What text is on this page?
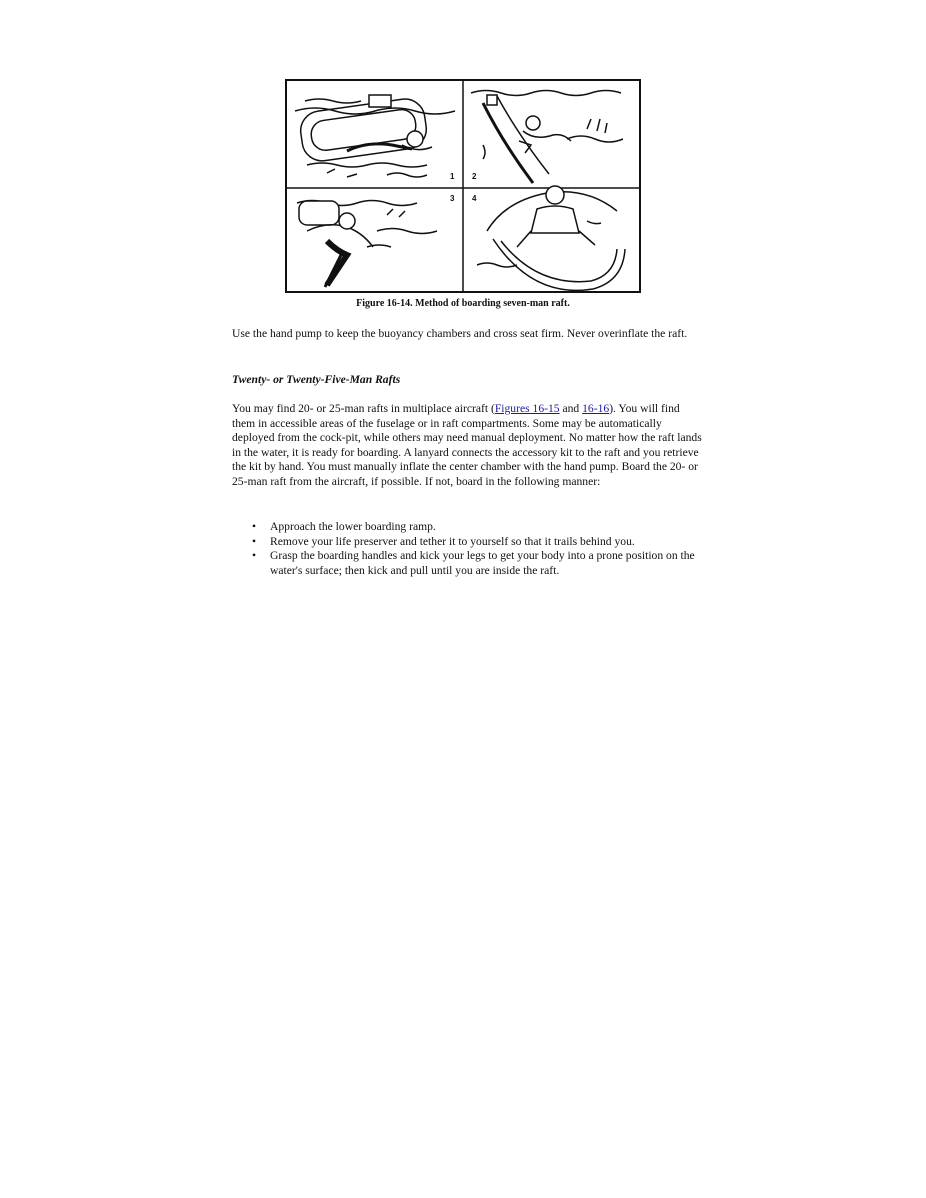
1 2
3 4
Figure 16-14. Method of boarding seven-man raft.

Use the hand pump to keep the buoyancy chambers and cross seat firm. Never overinflate the raft.

Twenty- or Twenty-Five-Man Rafts

You may find 20- or 25-man rafts in multiplace aircraft (Figures 16-15 and 16-16). You will find them in accessible areas of the fuselage or in raft compartments. Some may be automatically deployed from the cock-pit, while others may need manual deployment. No matter how the raft lands in the water, it is ready for boarding. A lanyard connects the accessory kit to the raft and you retrieve the kit by hand. You must manually inflate the center chamber with the hand pump. Board the 20- or 25-man raft from the aircraft, if possible. If not, board in the following manner:

• Approach the lower boarding ramp.
• Remove your life preserver and tether it to yourself so that it trails behind you.
• Grasp the boarding handles and kick your legs to get your body into a prone position on the water's surface; then kick and pull until you are inside the raft.
